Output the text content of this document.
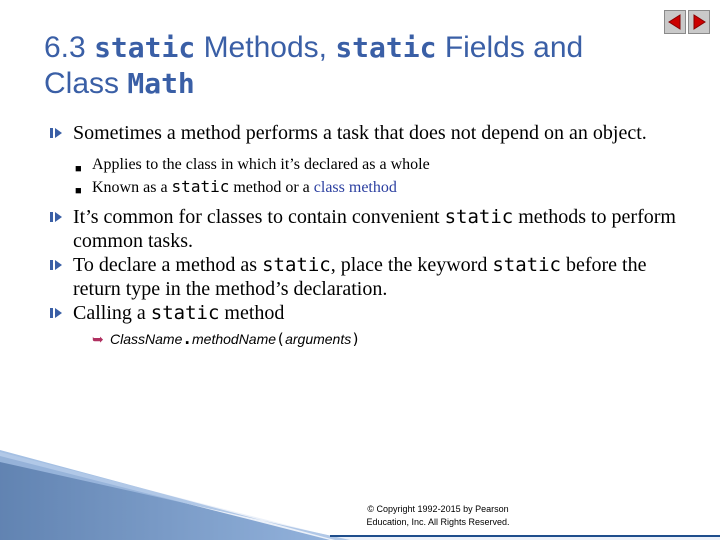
6.3 static Methods, static Fields and
Class Math
Sometimes a method performs a task that does not depend on an object.
■ Applies to the class in which it’s declared as a whole
■ Known as a static method or a class method
It’s common for classes to contain convenient static methods to perform common tasks.
To declare a method as static, place the keyword static before the return type in the method’s declaration.
Calling a static method
➥ ClassName.methodName(arguments)
© Copyright 1992-2015 by Pearson
Education, Inc. All Rights Reserved.
